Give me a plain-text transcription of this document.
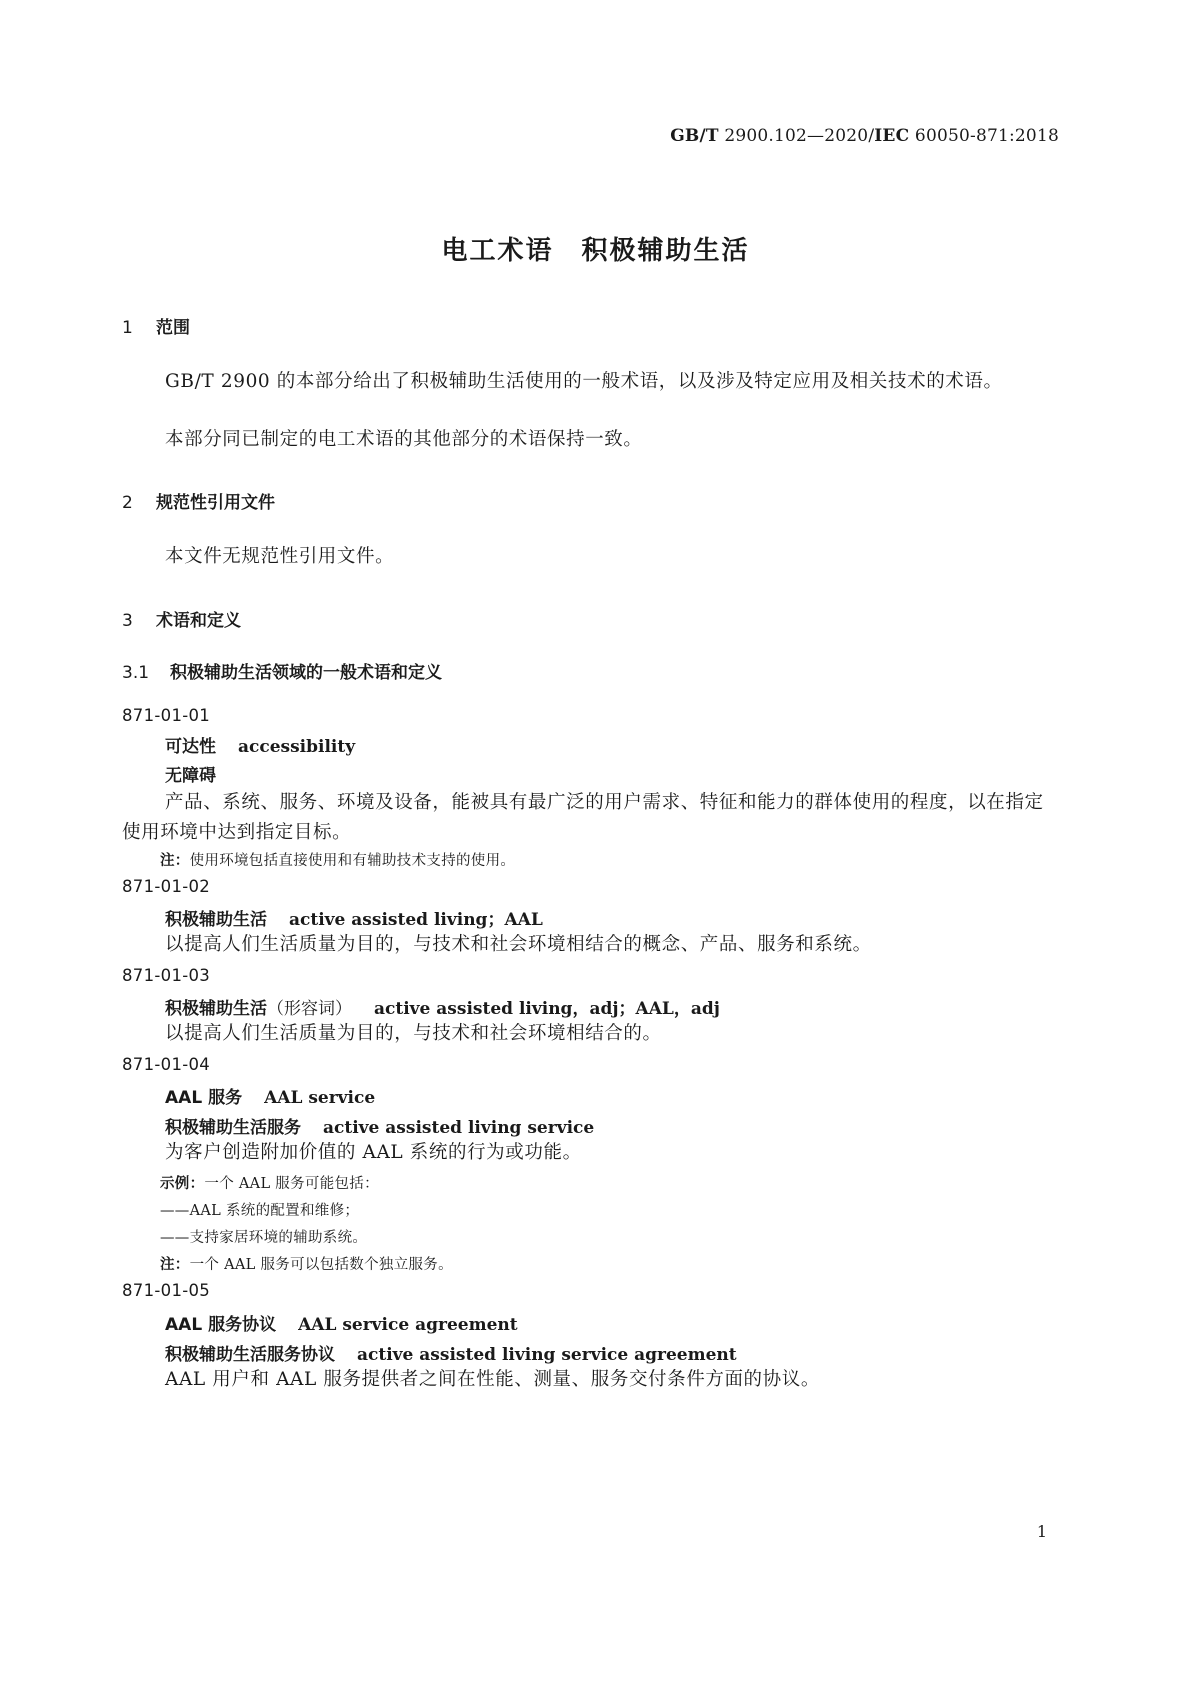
GB/T 2900.102—2020/IEC 60050-871:2018
电工术语　积极辅助生活
1 范围
GB/T 2900 的本部分给出了积极辅助生活使用的一般术语，以及涉及特定应用及相关技术的术语。
本部分同已制定的电工术语的其他部分的术语保持一致。
2 规范性引用文件
本文件无规范性引用文件。
3 术语和定义
3.1 积极辅助生活领域的一般术语和定义
871-01-01
可达性 accessibility
无障碍
产品、系统、服务、环境及设备，能被具有最广泛的用户需求、特征和能力的群体使用的程度，以在指定使用环境中达到指定目标。
注：使用环境包括直接使用和有辅助技术支持的使用。
871-01-02
积极辅助生活 active assisted living；AAL
以提高人们生活质量为目的，与技术和社会环境相结合的概念、产品、服务和系统。
871-01-03
积极辅助生活（形容词） active assisted living，adj；AAL，adj
以提高人们生活质量为目的，与技术和社会环境相结合的。
871-01-04
AAL 服务 AAL service
积极辅助生活服务 active assisted living service
为客户创造附加价值的 AAL 系统的行为或功能。
示例：一个 AAL 服务可能包括：
——AAL 系统的配置和维修；
——支持家居环境的辅助系统。
注：一个 AAL 服务可以包括数个独立服务。
871-01-05
AAL 服务协议 AAL service agreement
积极辅助生活服务协议 active assisted living service agreement
AAL 用户和 AAL 服务提供者之间在性能、测量、服务交付条件方面的协议。
1
